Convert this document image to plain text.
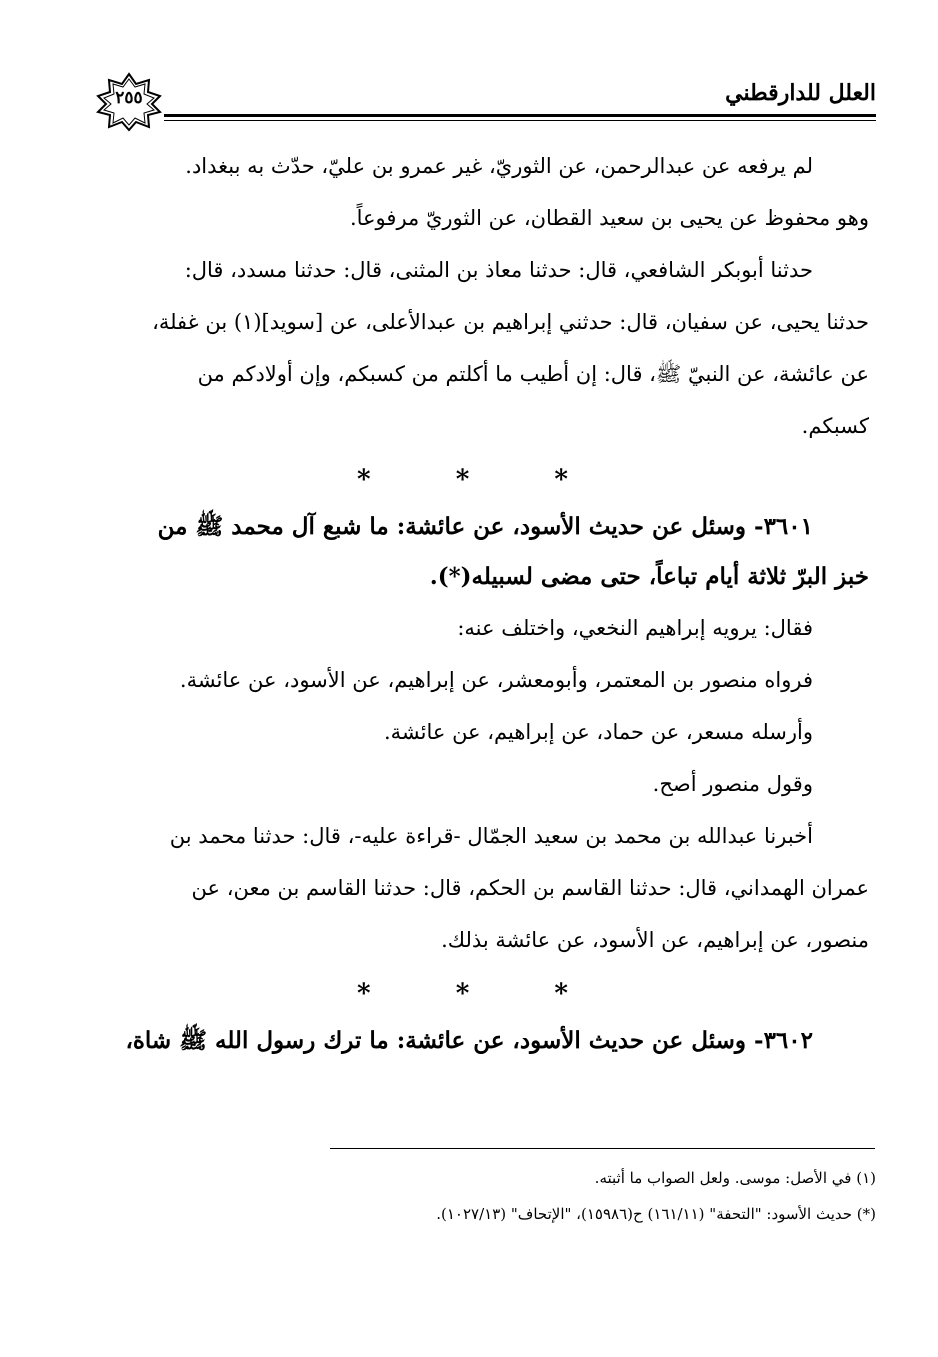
٢٥٥	العلل للدارقطني
لم يرفعه عن عبدالرحمن، عن الثوريّ، غير عمرو بن عليّ، حدّث به ببغداد.
وهو محفوظ عن يحيى بن سعيد القطان، عن الثوريّ مرفوعاً.
حدثنا أبوبكر الشافعي، قال: حدثنا معاذ بن المثنى، قال: حدثنا مسدد، قال:
حدثنا يحيى، عن سفيان، قال: حدثني إبراهيم بن عبدالأعلى، عن [سويد](١) بن غفلة،
عن عائشة، عن النبيّ ﷺ، قال: إن أطيب ما أكلتم من كسبكم، وإن أولادكم من
كسبكم.
* * *
٣٦٠١- وسئل عن حديث الأسود، عن عائشة: ما شبع آل محمد ﷺ من
خبز البرّ ثلاثة أيام تباعاً، حتى مضى لسبيله(*).
فقال: يرويه إبراهيم النخعي، واختلف عنه:
فرواه منصور بن المعتمر، وأبومعشر، عن إبراهيم، عن الأسود، عن عائشة.
وأرسله مسعر، عن حماد، عن إبراهيم، عن عائشة.
وقول منصور أصح.
أخبرنا عبدالله بن محمد بن سعيد الجمّال -قراءة عليه-، قال: حدثنا محمد بن
عمران الهمداني، قال: حدثنا القاسم بن الحكم، قال: حدثنا القاسم بن معن، عن
منصور، عن إبراهيم، عن الأسود، عن عائشة بذلك.
* * *
٣٦٠٢- وسئل عن حديث الأسود، عن عائشة: ما ترك رسول الله ﷺ شاة،
(١) في الأصل: موسى. ولعل الصواب ما أثبته.
(*) حديث الأسود: "التحفة" (١٦١/١١) ح(١٥٩٨٦)، "الإتحاف" (١٠٢٧/١٣).
